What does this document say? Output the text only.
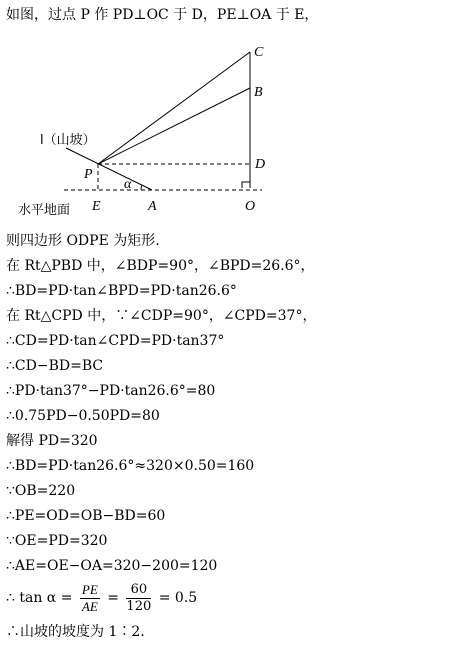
如图，过点 P 作 PD⊥OC 于 D，PE⊥OA 于 E，
C
B
D
P
E	A	O
α
l（山坡）
水平地面
则四边形 ODPE 为矩形.
在 Rt△PBD 中，∠BDP=90°，∠BPD=26.6°，
∴BD=PD·tan∠BPD=PD·tan26.6°
在 Rt△CPD 中，∵∠CDP=90°，∠CPD=37°，
∴CD=PD·tan∠CPD=PD·tan37°
∴CD−BD=BC
∴PD·tan37°−PD·tan26.6°=80
∴0.75PD−0.50PD=80
解得 PD=320
∴BD=PD·tan26.6°≈320×0.50=160
∵OB=220
∴PE=OD=OB−BD=60
∵OE=PD=320
∴AE=OE−OA=320−200=120
∴ $\tan \alpha = \frac{PE}{AE} = \frac{60}{120} = 0.5$
∴山坡的坡度为 1∶2.
